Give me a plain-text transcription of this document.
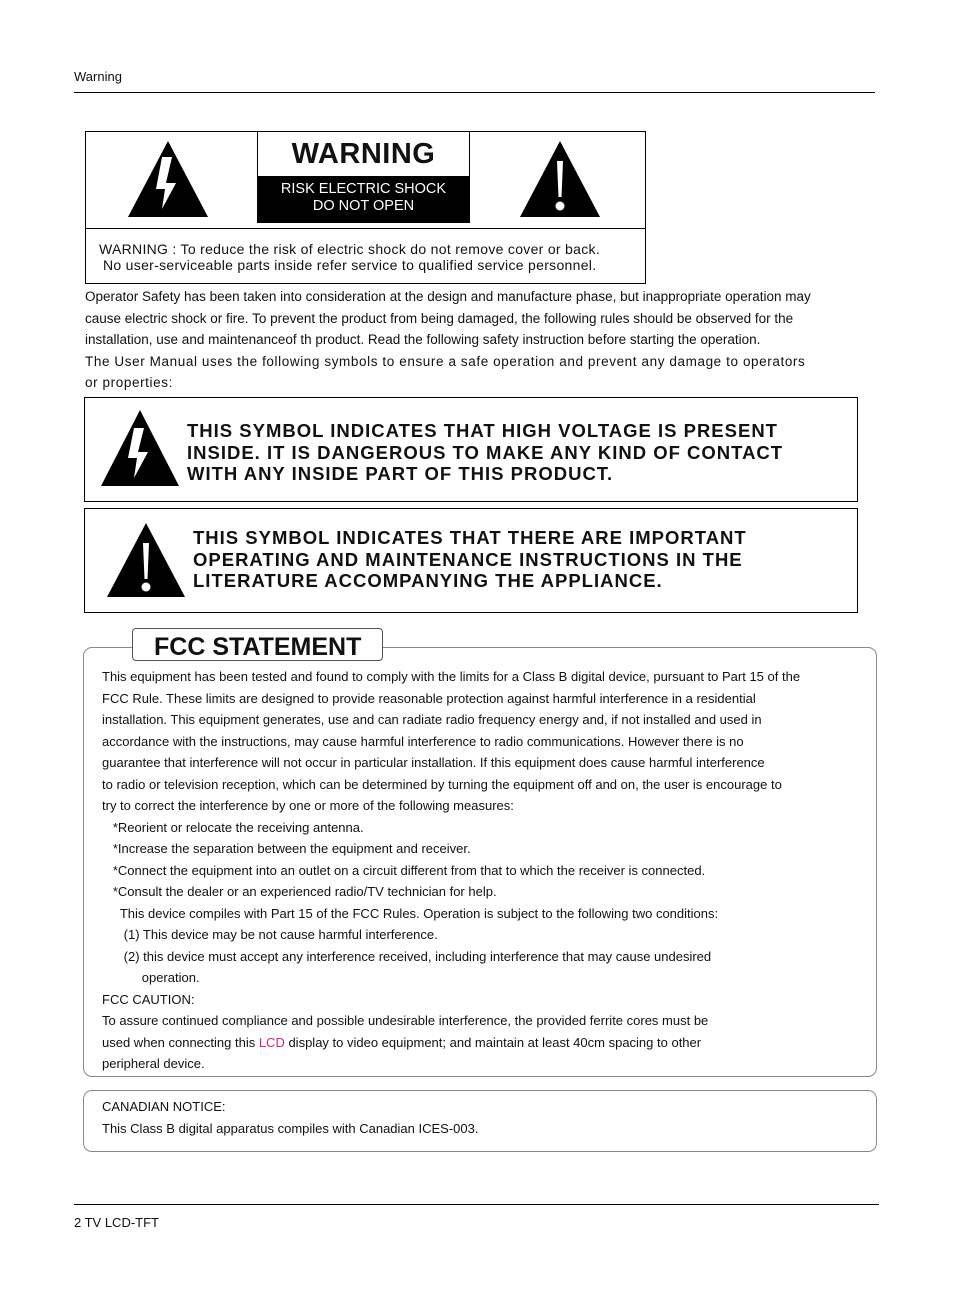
Warning
WARNING
RISK ELECTRIC SHOCK
DO NOT OPEN
WARNING : To reduce the risk of electric shock do not remove cover or back.
No user-serviceable parts inside refer service to qualified service personnel.
Operator Safety has been taken into consideration at the design and manufacture phase, but inappropriate operation may
cause electric shock or fire. To prevent the product from being damaged, the following rules should be observed for the
installation, use and maintenanceof th product. Read the following safety instruction before starting the operation.
The User Manual uses the following symbols to ensure a safe operation and prevent any damage to operators
or properties:
THIS SYMBOL INDICATES THAT HIGH VOLTAGE IS PRESENT
INSIDE. IT IS DANGEROUS TO MAKE ANY KIND OF CONTACT
WITH ANY INSIDE PART OF THIS PRODUCT.
THIS SYMBOL INDICATES THAT THERE ARE IMPORTANT
OPERATING AND MAINTENANCE INSTRUCTIONS IN THE
LITERATURE ACCOMPANYING THE APPLIANCE.
FCC STATEMENT
This equipment has been tested and found to comply with the limits for a Class B digital device, pursuant to Part 15 of the
FCC Rule. These limits are designed to provide reasonable protection against harmful interference in a residential
installation. This equipment generates, use and can radiate radio frequency energy and, if not installed and used in
accordance with the instructions, may cause harmful interference to radio communications. However there is no
guarantee that interference will not occur in particular installation. If this equipment does cause harmful interference
to radio or television reception, which can be determined by turning the equipment off and on, the user is encourage to
try to correct the interference by one or more of the following measures:
*Reorient or relocate the receiving antenna.
*Increase the separation between the equipment and receiver.
*Connect the equipment into an outlet on a circuit different from that to which the receiver is connected.
*Consult the dealer or an experienced radio/TV technician for help.
This device compiles with Part 15 of the FCC Rules. Operation is subject to the following two conditions:
(1) This device may be not cause harmful interference.
(2) this device must accept any interference received, including interference that may cause undesired
operation.
FCC CAUTION:
To assure continued compliance and possible undesirable interference, the provided ferrite cores must be
used when connecting this LCD display to video equipment; and maintain at least 40cm spacing to other
peripheral device.
CANADIAN NOTICE:
This Class B digital apparatus compiles with Canadian ICES-003.
2 TV LCD-TFT
